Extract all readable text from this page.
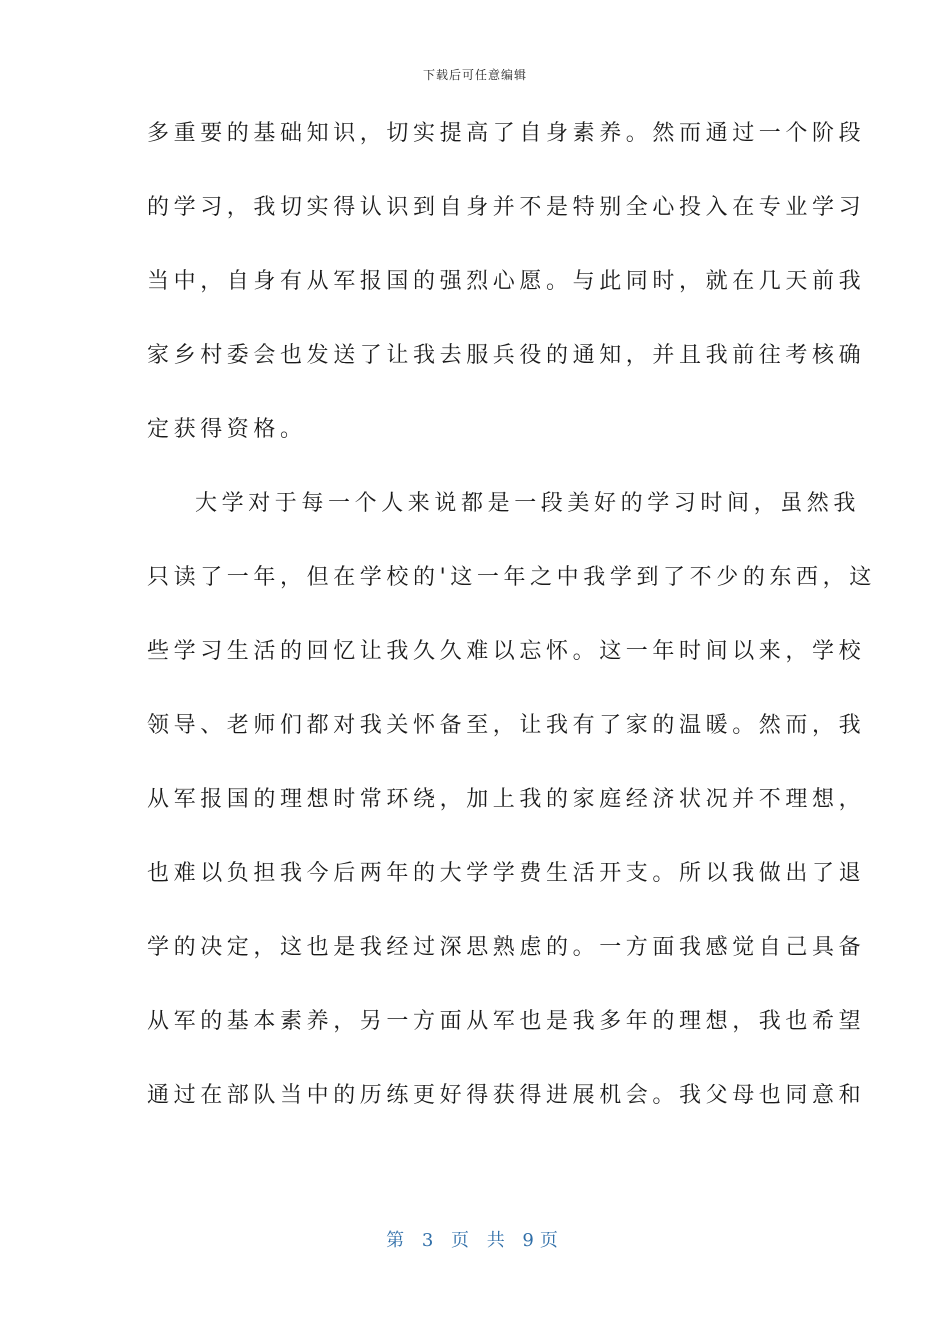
下载后可任意编辑
多重要的基础知识，切实提高了自身素养。然而通过一个阶段
的学习，我切实得认识到自身并不是特别全心投入在专业学习
当中，自身有从军报国的强烈心愿。与此同时，就在几天前我
家乡村委会也发送了让我去服兵役的通知，并且我前往考核确
定获得资格。
大学对于每一个人来说都是一段美好的学习时间，虽然我
只读了一年，但在学校的'这一年之中我学到了不少的东西，这
些学习生活的回忆让我久久难以忘怀。这一年时间以来，学校
领导、老师们都对我关怀备至，让我有了家的温暖。然而，我
从军报国的理想时常环绕，加上我的家庭经济状况并不理想，
也难以负担我今后两年的大学学费生活开支。所以我做出了退
学的决定，这也是我经过深思熟虑的。一方面我感觉自己具备
从军的基本素养，另一方面从军也是我多年的理想，我也希望
通过在部队当中的历练更好得获得进展机会。我父母也同意和
第 3 页 共 9页
